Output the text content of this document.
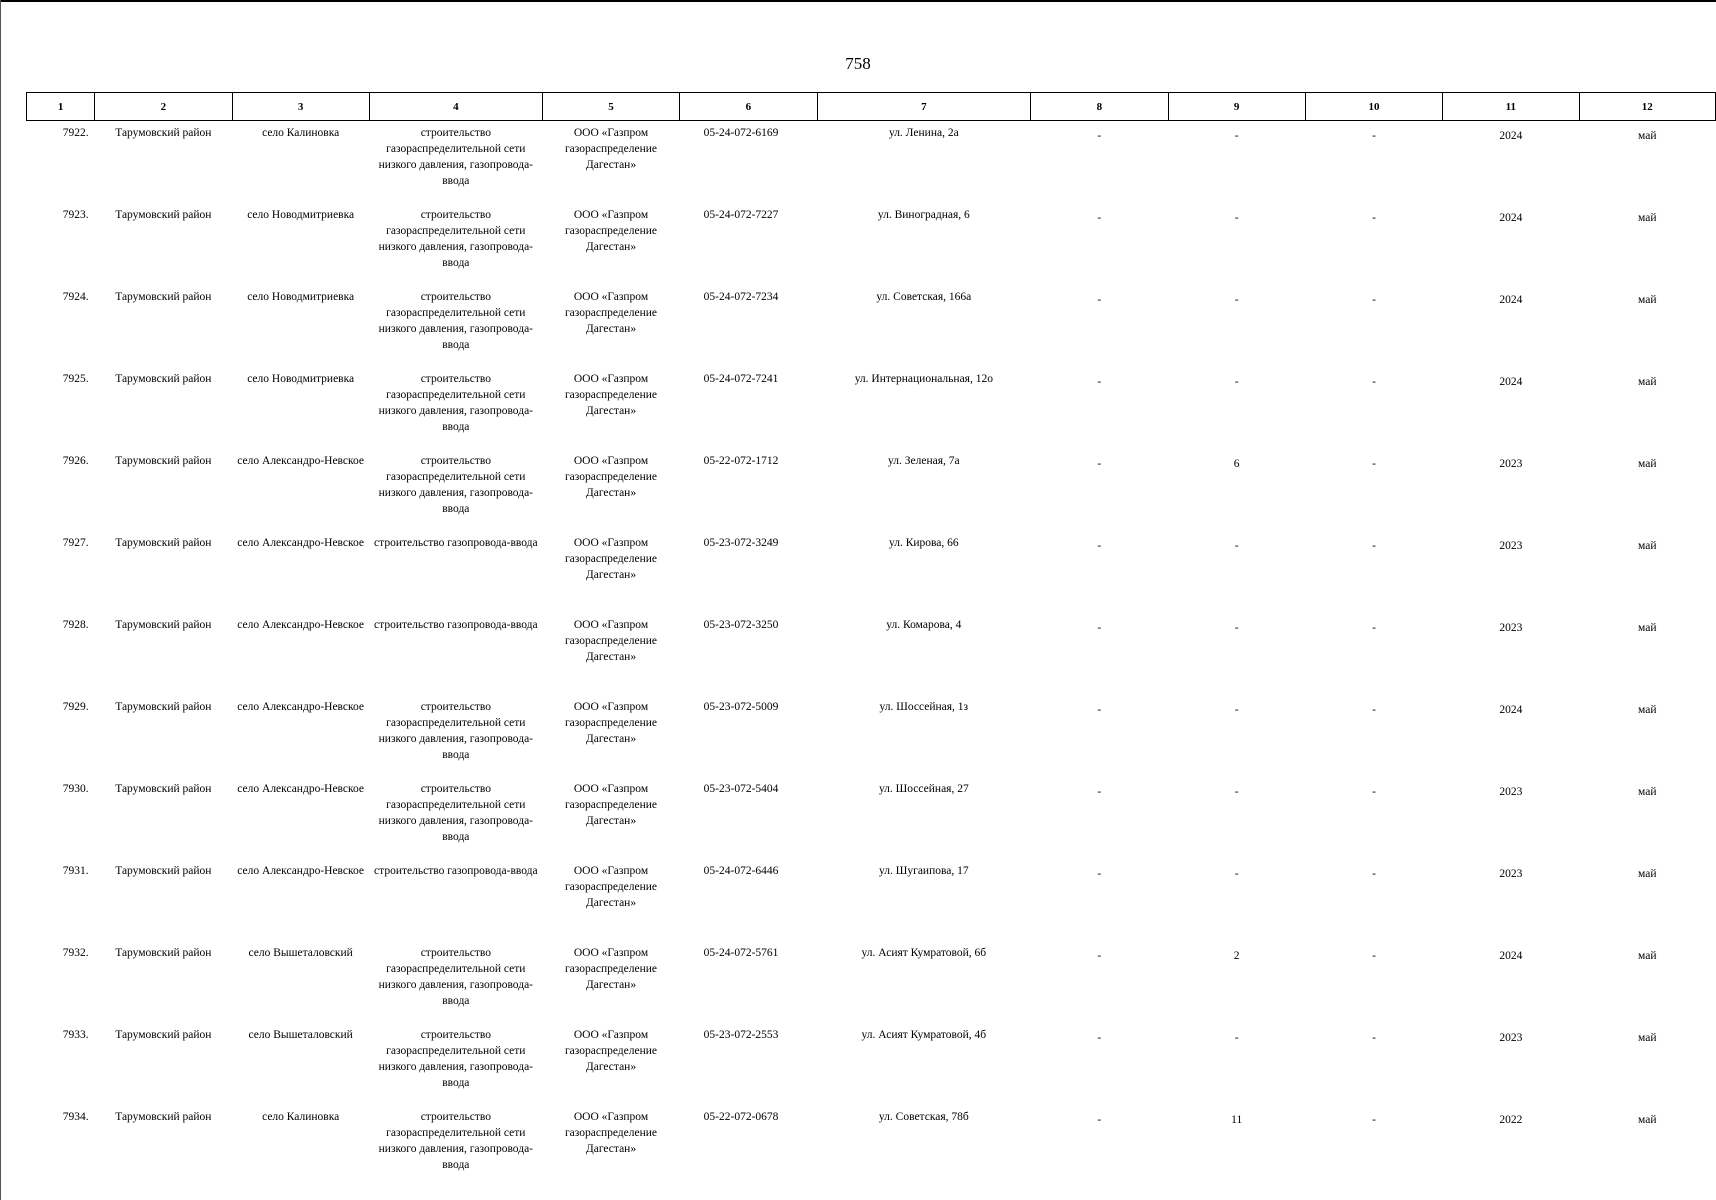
758
1	2	3	4	5	6	7	8	9	10	11	12
7922.	Тарумовский район	село Калиновка	строительство газораспределительной сети низкого давления, газопровода-ввода	ООО «Газпром газораспределение Дагестан»	05-24-072-6169	ул. Ленина, 2а	-	-	-	2024	май
7923.	Тарумовский район	село Новодмитриевка	строительство газораспределительной сети низкого давления, газопровода-ввода	ООО «Газпром газораспределение Дагестан»	05-24-072-7227	ул. Виноградная, 6	-	-	-	2024	май
7924.	Тарумовский район	село Новодмитриевка	строительство газораспределительной сети низкого давления, газопровода-ввода	ООО «Газпром газораспределение Дагестан»	05-24-072-7234	ул. Советская, 166а	-	-	-	2024	май
7925.	Тарумовский район	село Новодмитриевка	строительство газораспределительной сети низкого давления, газопровода-ввода	ООО «Газпром газораспределение Дагестан»	05-24-072-7241	ул. Интернациональная, 12о	-	-	-	2024	май
7926.	Тарумовский район	село Александро-Невское	строительство газораспределительной сети низкого давления, газопровода-ввода	ООО «Газпром газораспределение Дагестан»	05-22-072-1712	ул. Зеленая, 7а	-	6	-	2023	май
7927.	Тарумовский район	село Александро-Невское	строительство газопровода-ввода	ООО «Газпром газораспределение Дагестан»	05-23-072-3249	ул. Кирова, 66	-	-	-	2023	май
7928.	Тарумовский район	село Александро-Невское	строительство газопровода-ввода	ООО «Газпром газораспределение Дагестан»	05-23-072-3250	ул. Комарова, 4	-	-	-	2023	май
7929.	Тарумовский район	село Александро-Невское	строительство газораспределительной сети низкого давления, газопровода-ввода	ООО «Газпром газораспределение Дагестан»	05-23-072-5009	ул. Шоссейная, 1з	-	-	-	2024	май
7930.	Тарумовский район	село Александро-Невское	строительство газораспределительной сети низкого давления, газопровода-ввода	ООО «Газпром газораспределение Дагестан»	05-23-072-5404	ул. Шоссейная, 27	-	-	-	2023	май
7931.	Тарумовский район	село Александро-Невское	строительство газопровода-ввода	ООО «Газпром газораспределение Дагестан»	05-24-072-6446	ул. Шугаипова, 17	-	-	-	2023	май
7932.	Тарумовский район	село Вышеталовский	строительство газораспределительной сети низкого давления, газопровода-ввода	ООО «Газпром газораспределение Дагестан»	05-24-072-5761	ул. Асият Кумратовой, 6б	-	2	-	2024	май
7933.	Тарумовский район	село Вышеталовский	строительство газораспределительной сети низкого давления, газопровода-ввода	ООО «Газпром газораспределение Дагестан»	05-23-072-2553	ул. Асият Кумратовой, 4б	-	-	-	2023	май
7934.	Тарумовский район	село Калиновка	строительство газораспределительной сети низкого давления, газопровода-ввода	ООО «Газпром газораспределение Дагестан»	05-22-072-0678	ул. Советская, 78б	-	11	-	2022	май
